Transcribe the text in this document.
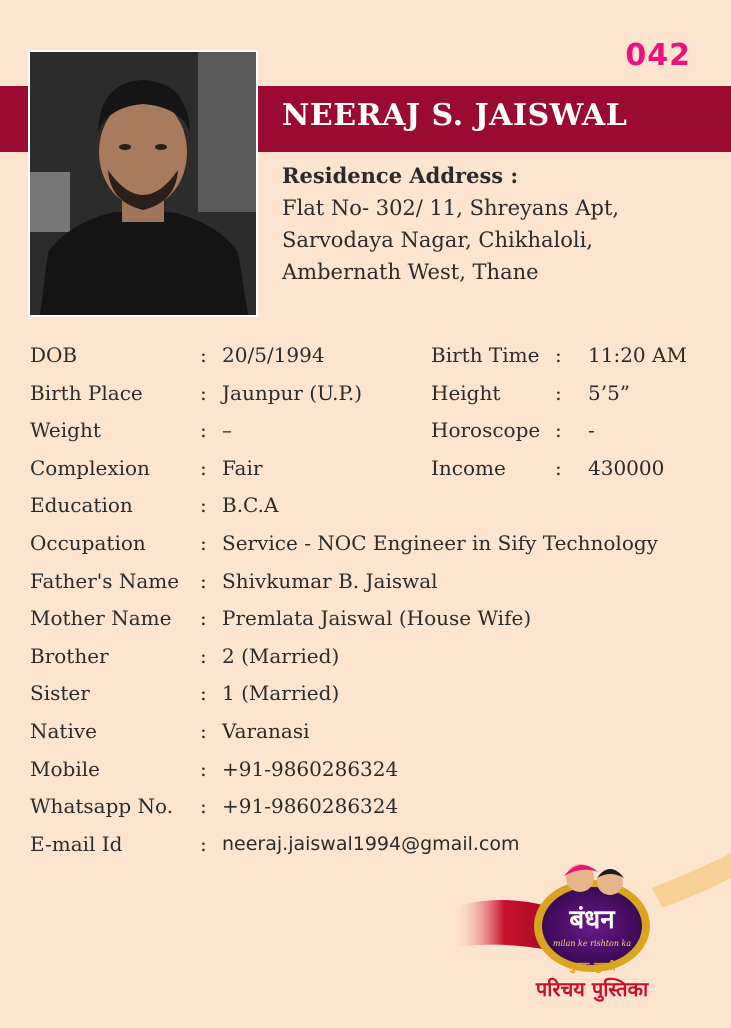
042
NEERAJ S. JAISWAL
Residence Address :
Flat No- 302/ 11, Shreyans Apt,
Sarvodaya Nagar, Chikhaloli,
Ambernath West, Thane
DOB	: 20/5/1994	Birth Time : 11:20 AM
Birth Place	: Jaunpur (U.P.)	Height	: 5’5”
Weight	: –	Horoscope : -
Complexion	: Fair	Income : 430000
Education	: B.C.A
Occupation	: Service - NOC Engineer in Sify Technology
Father's Name : Shivkumar B. Jaiswal
Mother Name : Premlata Jaiswal (House Wife)
Brother	: 2 (Married)
Sister	: 1 (Married)
Native	: Varanasi
Mobile	: +91-9860286324
Whatsapp No. : +91-9860286324
E-mail Id	: neeraj.jaiswal1994@gmail.com
बंधन
milan ke rishton ka
युवक-युवती
परिचय पुस्तिका
